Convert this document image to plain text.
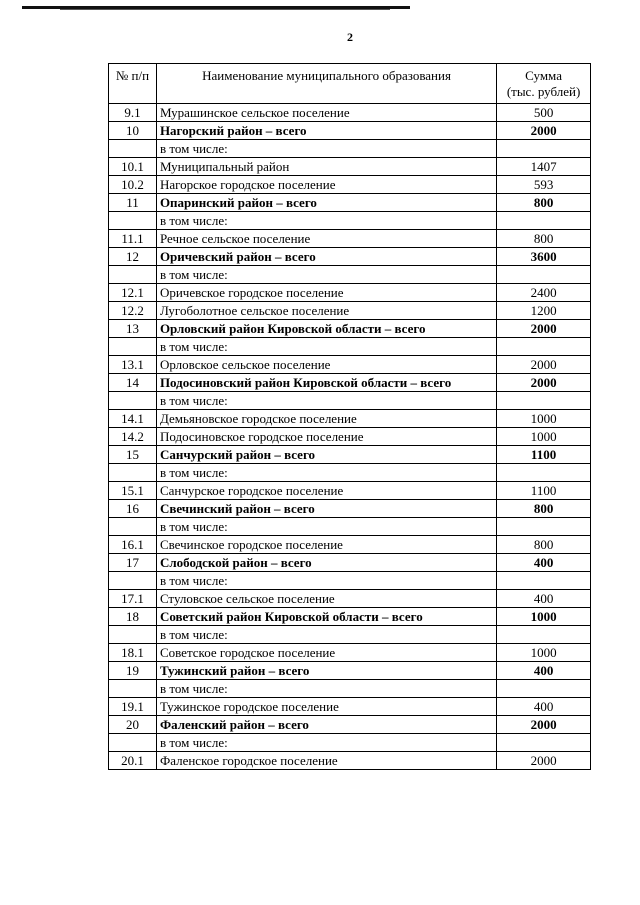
2
№ п/п	Наименование муниципального образования	Сумма
(тыс. рублей)
9.1	Мурашинское сельское поселение	500
10	Нагорский район – всего	2000
	в том числе:	
10.1	Муниципальный район	1407
10.2	Нагорское городское поселение	593
11	Опаринский район – всего	800
	в том числе:	
11.1	Речное сельское поселение	800
12	Оричевский район – всего	3600
	в том числе:	
12.1	Оричевское городское поселение	2400
12.2	Лугоболотное сельское поселение	1200
13	Орловский район Кировской области – всего	2000
	в том числе:	
13.1	Орловское сельское поселение	2000
14	Подосиновский район Кировской области – всего	2000
	в том числе:	
14.1	Демьяновское городское поселение	1000
14.2	Подосиновское городское поселение	1000
15	Санчурский район – всего	1100
	в том числе:	
15.1	Санчурское городское поселение	1100
16	Свечинский район – всего	800
	в том числе:	
16.1	Свечинское городское поселение	800
17	Слободской район – всего	400
	в том числе:	
17.1	Стуловское сельское поселение	400
18	Советский район Кировской области – всего	1000
	в том числе:	
18.1	Советское городское поселение	1000
19	Тужинский район – всего	400
	в том числе:	
19.1	Тужинское городское поселение	400
20	Фаленский район – всего	2000
	в том числе:	
20.1	Фаленское городское поселение	2000
